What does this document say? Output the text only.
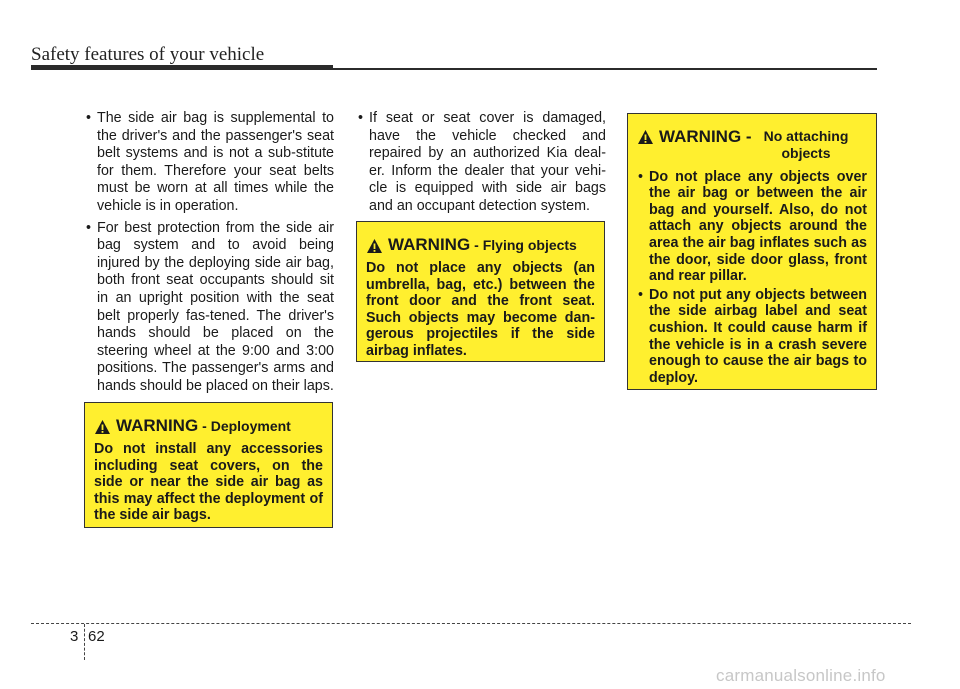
Safety features of your vehicle
• The side air bag is supplemental to the driver's and the passenger's seat belt systems and is not a sub-stitute for them. Therefore your seat belts must be worn at all times while the vehicle is in operation.
• For best protection from the side air bag system and to avoid being injured by the deploying side air bag, both front seat occupants should sit in an upright position with the seat belt properly fas-tened. The driver's hands should be placed on the steering wheel at the 9:00 and 3:00 positions. The passenger's arms and hands should be placed on their laps.
• If seat or seat cover is damaged, have the vehicle checked and repaired by an authorized Kia deal-er. Inform the dealer that your vehi-cle is equipped with side air bags and an occupant detection system.
WARNING - Deployment
Do not install any accessories including seat covers, on the side or near the side air bag as this may affect the deployment of the side air bags.
WARNING - Flying objects
Do not place any objects (an umbrella, bag, etc.) between the front door and the front seat. Such objects may become dan-gerous projectiles if the side airbag inflates.
WARNING - No attaching objects
• Do not place any objects over the air bag or between the air bag and yourself. Also, do not attach any objects around the area the air bag inflates such as the door, side door glass, front and rear pillar.
• Do not put any objects between the side airbag label and seat cushion. It could cause harm if the vehicle is in a crash severe enough to cause the air bags to deploy.
3 62
carmanualsonline.info
